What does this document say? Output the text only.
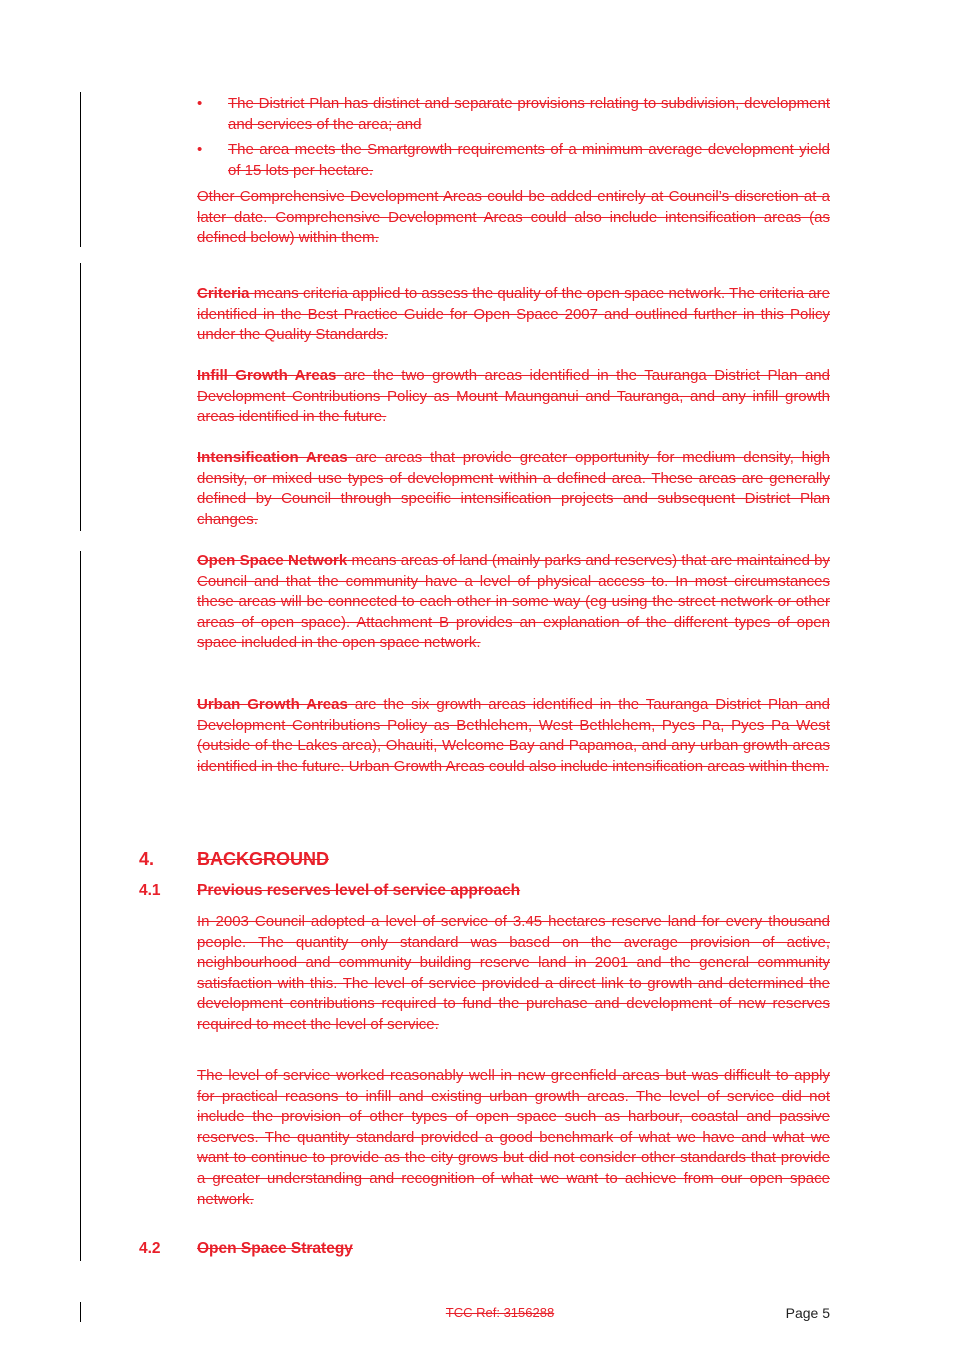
• The District Plan has distinct and separate provisions relating to subdivision, development and services of the area; and
• The area meets the Smartgrowth requirements of a minimum average development yield of 15 lots per hectare.

Other Comprehensive Development Areas could be added entirely at Council’s discretion at a later date. Comprehensive Development Areas could also include intensification areas (as defined below) within them.

Criteria means criteria applied to assess the quality of the open space network. The criteria are identified in the Best Practice Guide for Open Space 2007 and outlined further in this Policy under the Quality Standards.

Infill Growth Areas are the two growth areas identified in the Tauranga District Plan and Development Contributions Policy as Mount Maunganui and Tauranga, and any infill growth areas identified in the future.

Intensification Areas are areas that provide greater opportunity for medium density, high density, or mixed use types of development within a defined area. These areas are generally defined by Council through specific intensification projects and subsequent District Plan changes.

Open Space Network means areas of land (mainly parks and reserves) that are maintained by Council and that the community have a level of physical access to. In most circumstances these areas will be connected to each other in some way (eg using the street network or other areas of open space). Attachment B provides an explanation of the different types of open space included in the open space network.

Urban Growth Areas are the six growth areas identified in the Tauranga District Plan and Development Contributions Policy as Bethlehem, West Bethlehem, Pyes Pa, Pyes Pa West (outside of the Lakes area), Ohauiti, Welcome Bay and Papamoa, and any urban growth areas identified in the future. Urban Growth Areas could also include intensification areas within them.

4. BACKGROUND
4.1 Previous reserves level of service approach

In 2003 Council adopted a level of service of 3.45 hectares reserve land for every thousand people. The quantity only standard was based on the average provision of active, neighbourhood and community building reserve land in 2001 and the general community satisfaction with this. The level of service provided a direct link to growth and determined the development contributions required to fund the purchase and development of new reserves required to meet the level of service.

The level of service worked reasonably well in new greenfield areas but was difficult to apply for practical reasons to infill and existing urban growth areas. The level of service did not include the provision of other types of open space such as harbour, coastal and passive reserves. The quantity standard provided a good benchmark of what we have and what we want to continue to provide as the city grows but did not consider other standards that provide a greater understanding and recognition of what we want to achieve from our open space network.

4.2 Open Space Strategy
TCC Ref: 3156288	Page 5
